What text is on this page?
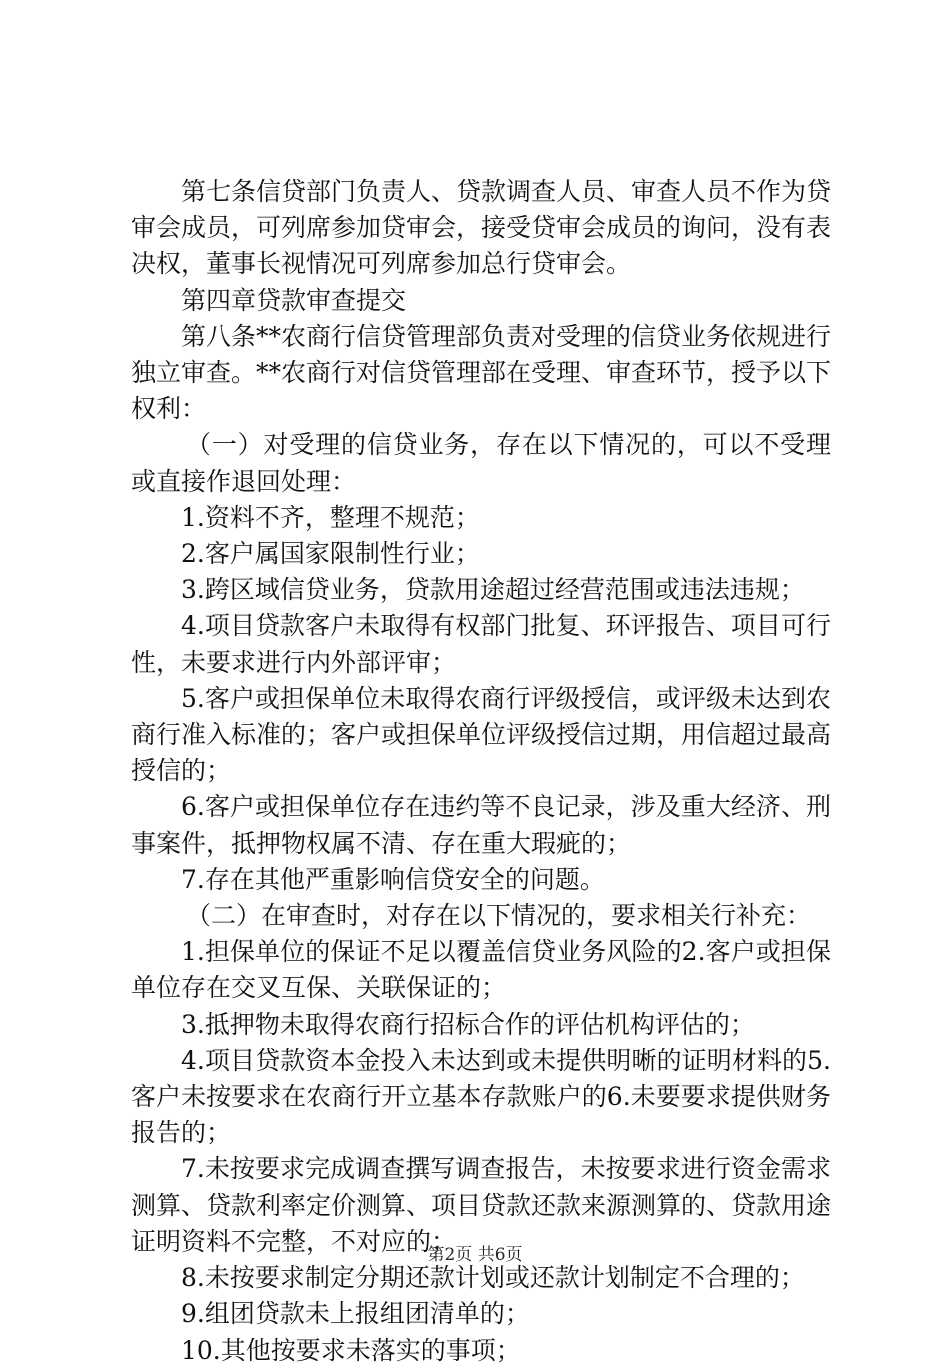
第七条信贷部门负责人、贷款调查人员、审查人员不作为贷审会成员，可列席参加贷审会，接受贷审会成员的询问，没有表决权，董事长视情况可列席参加总行贷审会。

第四章贷款审查提交

第八条**农商行信贷管理部负责对受理的信贷业务依规进行独立审查。**农商行对信贷管理部在受理、审查环节，授予以下权利：

（一）对受理的信贷业务，存在以下情况的，可以不受理或直接作退回处理：

1.资料不齐，整理不规范；

2.客户属国家限制性行业；

3.跨区域信贷业务，贷款用途超过经营范围或违法违规；

4.项目贷款客户未取得有权部门批复、环评报告、项目可行性，未要求进行内外部评审；

5.客户或担保单位未取得农商行评级授信，或评级未达到农商行准入标准的；客户或担保单位评级授信过期，用信超过最高授信的；

6.客户或担保单位存在违约等不良记录，涉及重大经济、刑事案件，抵押物权属不清、存在重大瑕疵的；

7.存在其他严重影响信贷安全的问题。

（二）在审查时，对存在以下情况的，要求相关行补充：

1.担保单位的保证不足以覆盖信贷业务风险的2.客户或担保单位存在交叉互保、关联保证的；

3.抵押物未取得农商行招标合作的评估机构评估的；

4.项目贷款资本金投入未达到或未提供明晰的证明材料的5.客户未按要求在农商行开立基本存款账户的6.未要要求提供财务报告的；

7.未按要求完成调查撰写调查报告，未按要求进行资金需求测算、贷款利率定价测算、项目贷款还款来源测算的、贷款用途证明资料不完整，不对应的；

8.未按要求制定分期还款计划或还款计划制定不合理的；

9.组团贷款未上报组团清单的；

10.其他按要求未落实的事项；

第2页 共6页
